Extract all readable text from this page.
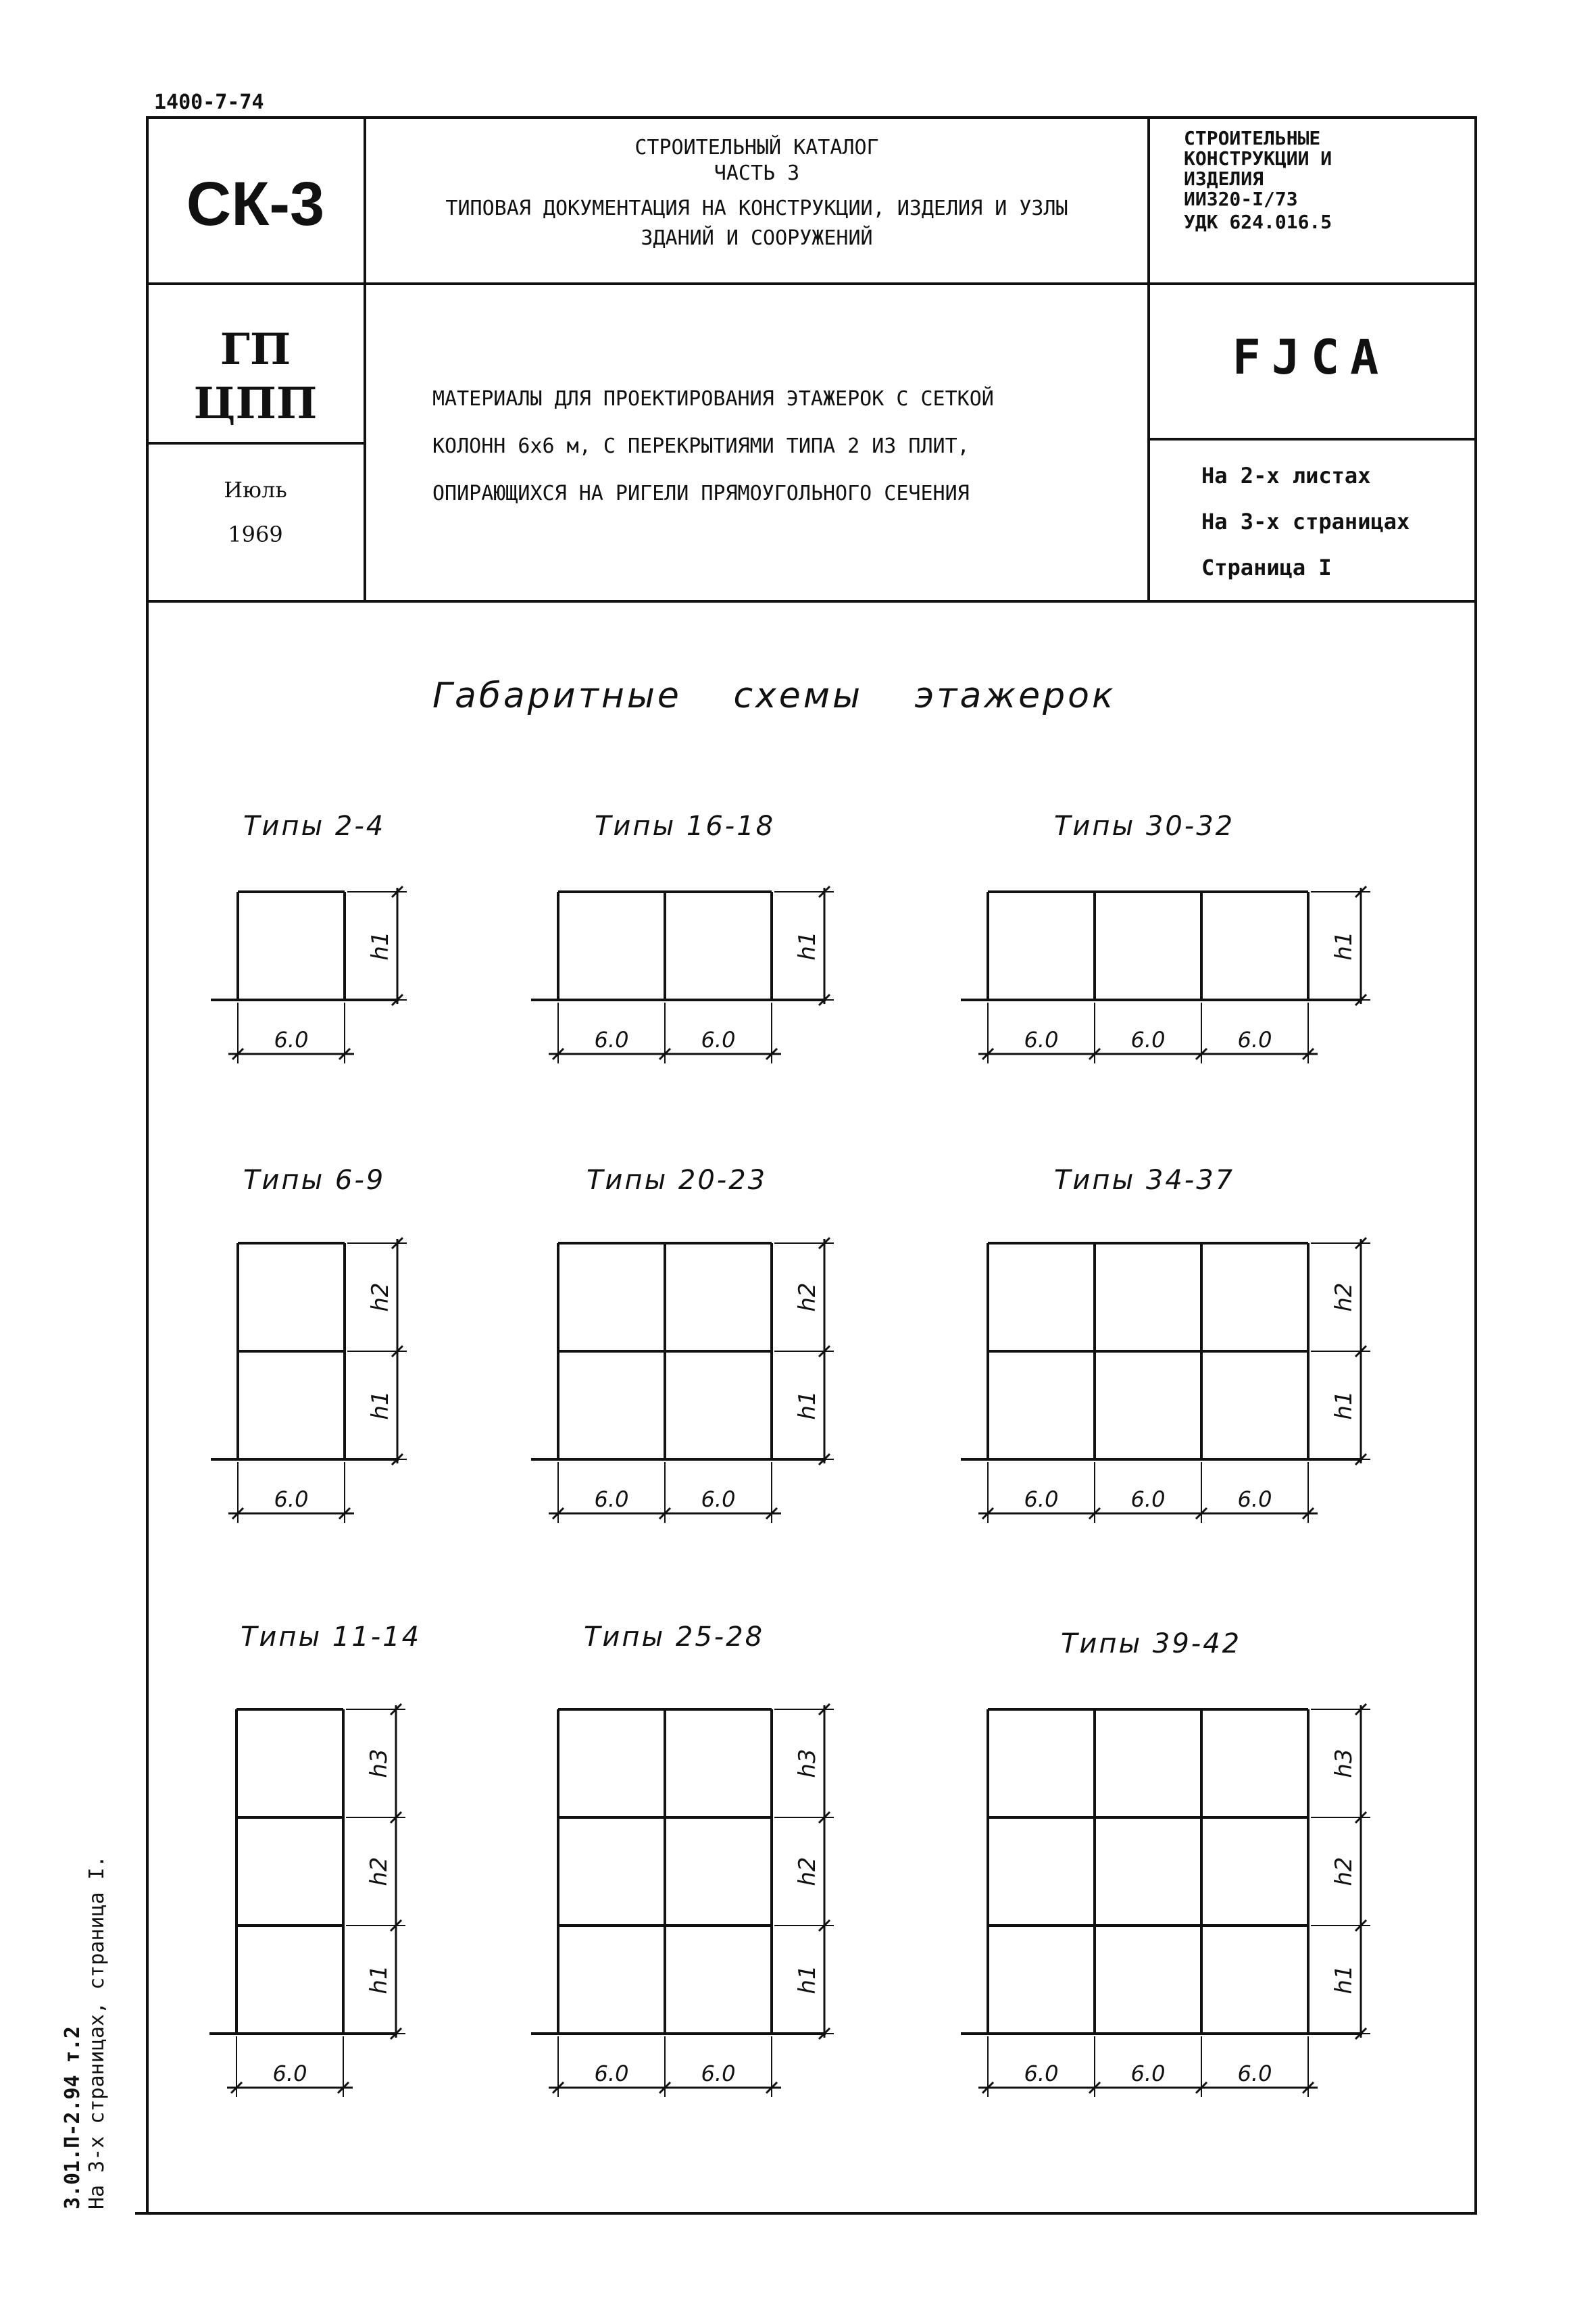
1400-7-74
СК-3
СТРОИТЕЛЬНЫЙ КАТАЛОГ
ЧАСТЬ 3
ТИПОВАЯ ДОКУМЕНТАЦИЯ НА КОНСТРУКЦИИ, ИЗДЕЛИЯ И УЗЛЫ
ЗДАНИЙ И СООРУЖЕНИЙ
СТРОИТЕЛЬНЫЕ
КОНСТРУКЦИИ И
ИЗДЕЛИЯ
ИИ320-I/73
УДК 624.016.5
ГП
ЦПП
Июль
1969
МАТЕРИАЛЫ ДЛЯ ПРОЕКТИРОВАНИЯ ЭТАЖЕРОК С СЕТКОЙ
КОЛОНН 6х6 м, С ПЕРЕКРЫТИЯМИ ТИПА 2 ИЗ ПЛИТ,
ОПИРАЮЩИХСЯ НА РИГЕЛИ ПРЯМОУГОЛЬНОГО СЕЧЕНИЯ
FJCA
На 2-х листах
На 3-х страницах
Страница I
Габаритные схемы этажерок
Типы 2-4	Типы 16-18	Типы 30-32
Типы 6-9	Типы 20-23	Типы 34-37
Типы 11-14	Типы 25-28	Типы 39-42
h1
6.0
h1
6.0	6.0
h1
6.0	6.0	6.0
h1
h2
6.0
h1
h2
6.0	6.0
h1
h2
6.0	6.0	6.0
h1
h2
h3
6.0
h1
h2
h3
6.0	6.0
h1
h2
h3
6.0	6.0	6.0
3.01.П-2.94 т.2 На 3-х страницах, страница I.
